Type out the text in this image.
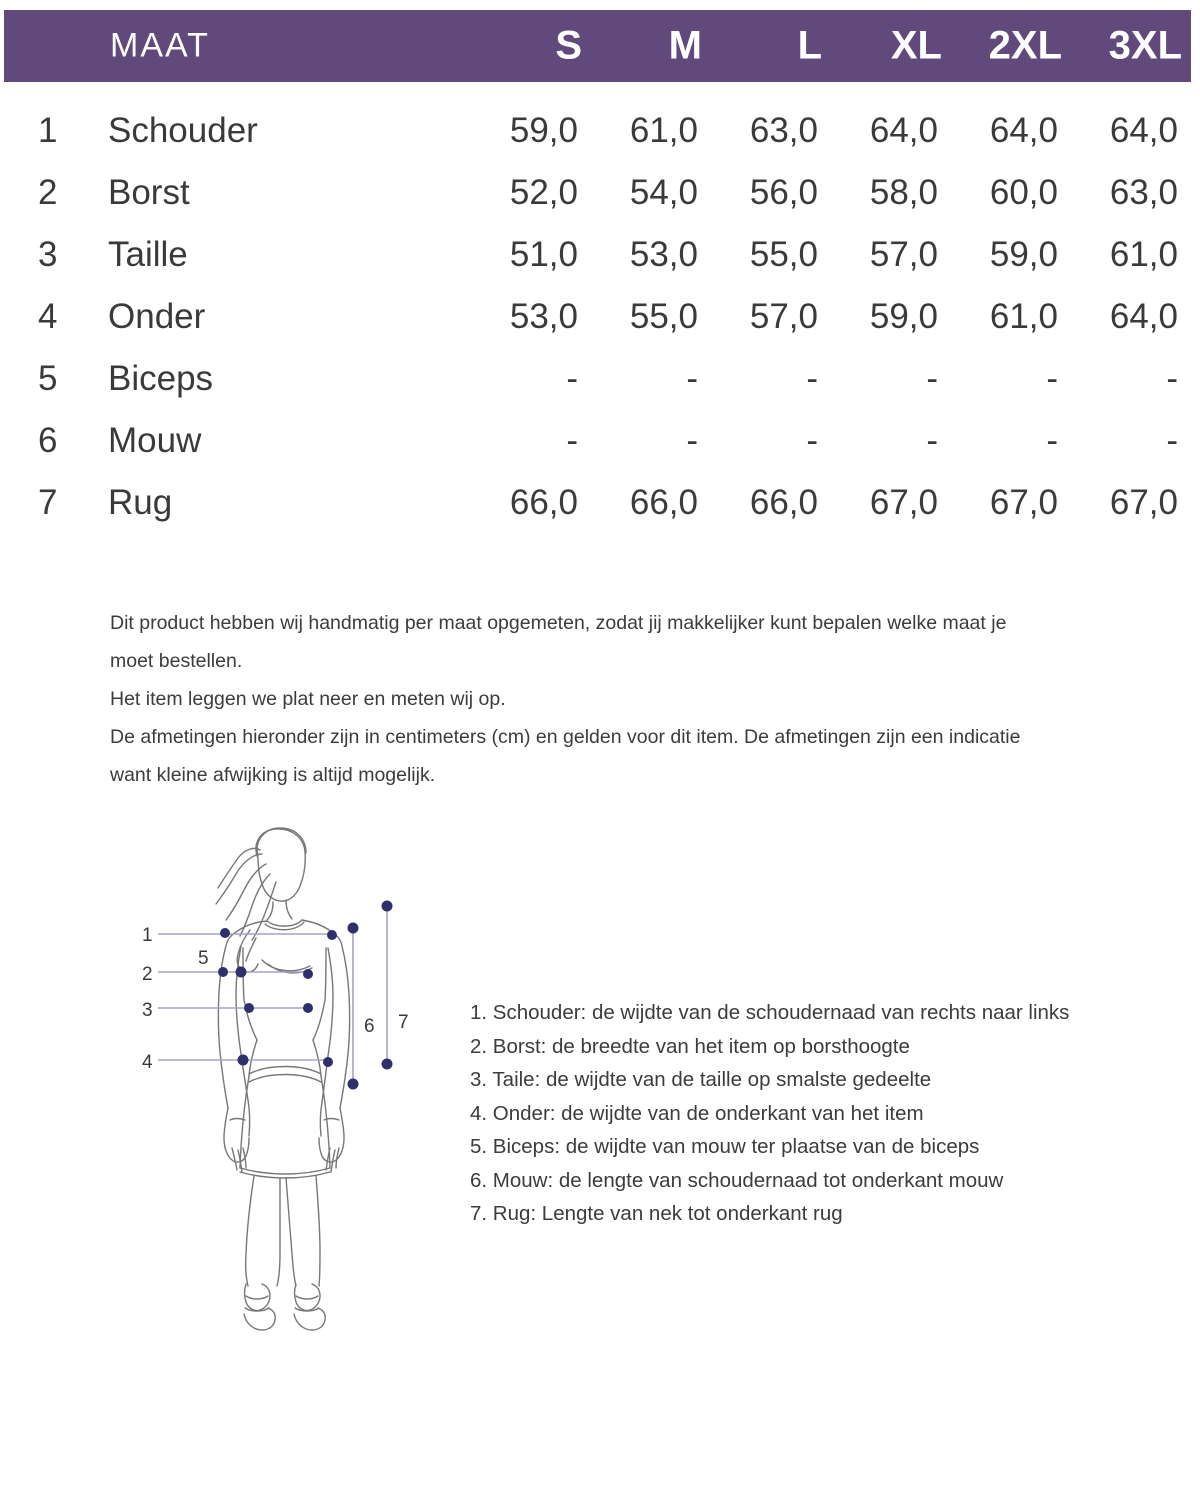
MAAT	S	M	L	XL	2XL	3XL
1	Schouder	59,0	61,0	63,0	64,0	64,0	64,0
2	Borst	52,0	54,0	56,0	58,0	60,0	63,0
3	Taille	51,0	53,0	55,0	57,0	59,0	61,0
4	Onder	53,0	55,0	57,0	59,0	61,0	64,0
5	Biceps	-	-	-	-	-	-
6	Mouw	-	-	-	-	-	-
7	Rug	66,0	66,0	66,0	67,0	67,0	67,0

Dit product hebben wij handmatig per maat opgemeten, zodat jij makkelijker kunt bepalen welke maat je moet bestellen.

Het item leggen we plat neer en meten wij op.

De afmetingen hieronder zijn in centimeters (cm) en gelden voor dit item. De afmetingen zijn een indicatie want kleine afwijking is altijd mogelijk.

1
2
3
4
5
6 7	1. Schouder: de wijdte van de schoudernaad van rechts naar links
2. Borst: de breedte van het item op borsthoogte
3. Taile: de wijdte van de taille op smalste gedeelte
4. Onder: de wijdte van de onderkant van het item
5. Biceps: de wijdte van mouw ter plaatse van de biceps
6. Mouw: de lengte van schoudernaad tot onderkant mouw
7. Rug: Lengte van nek tot onderkant rug
